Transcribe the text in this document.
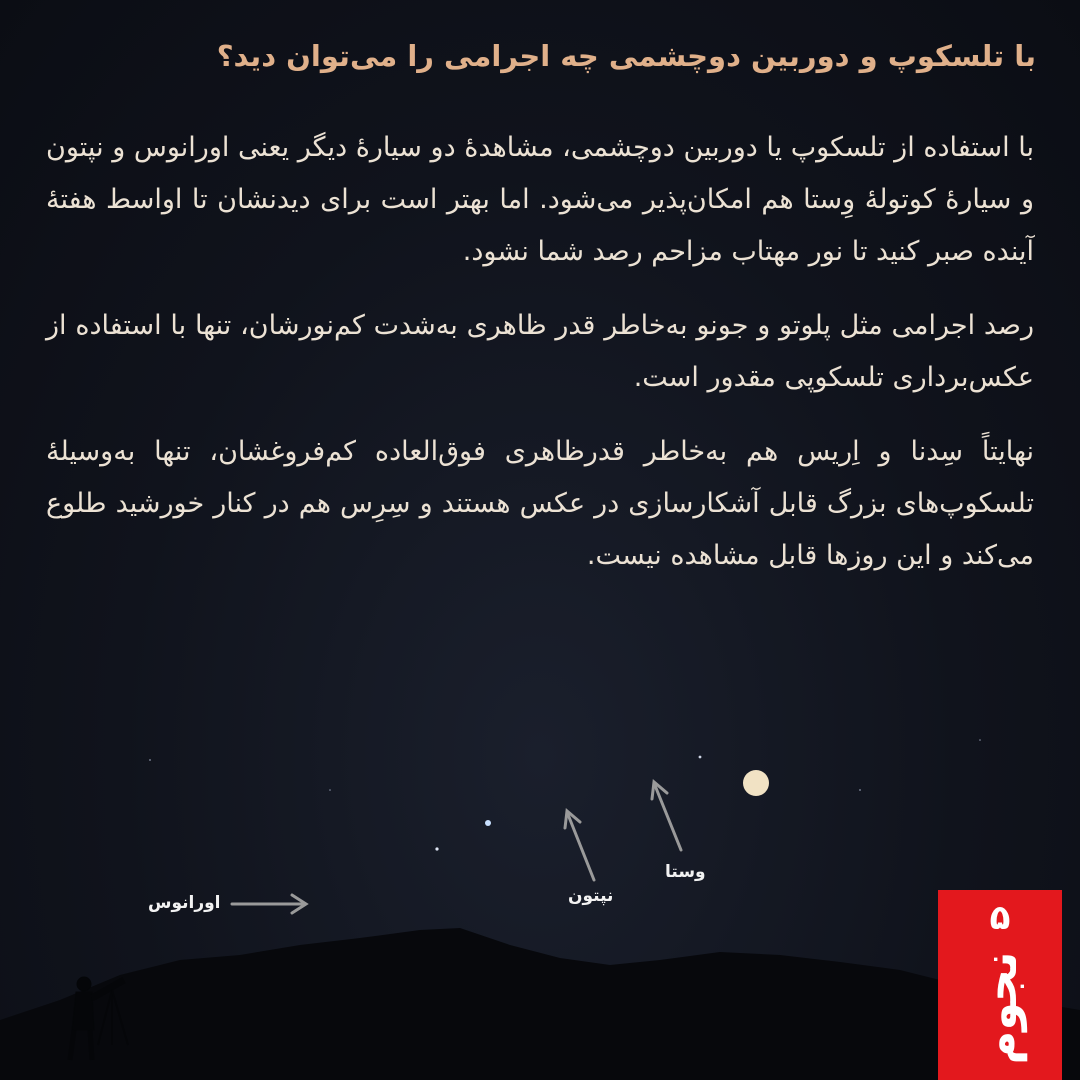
با تلسکوپ و دوربین دوچشمی چه اجرامی را می‌توان دید؟

با استفاده از تلسکوپ یا دوربین دوچشمی، مشاهدهٔ دو سیارهٔ دیگر یعنی اورانوس و نپتون و سیارهٔ کوتولهٔ وِستا هم امکان‌پذیر می‌شود. اما بهتر است برای دیدنشان تا اواسط هفتهٔ آینده صبر کنید تا نور مهتاب مزاحم رصد شما نشود.

رصد اجرامی مثل پلوتو و جونو به‌خاطر قدر ظاهری به‌شدت کم‌نورشان، تنها با استفاده از عکس‌برداری تلسکوپی مقدور است.

نهایتاً سِدنا و اِریس هم به‌خاطر قدرظاهری فوق‌العاده کم‌فروغشان، تنها به‌وسیلهٔ تلسکوپ‌های بزرگ قابل آشکارسازی در عکس هستند و سِرِس هم در کنار خورشید طلوع می‌کند و این روزها قابل مشاهده نیست.

اورانوس	نپتون
وستا
۵
نجوم
